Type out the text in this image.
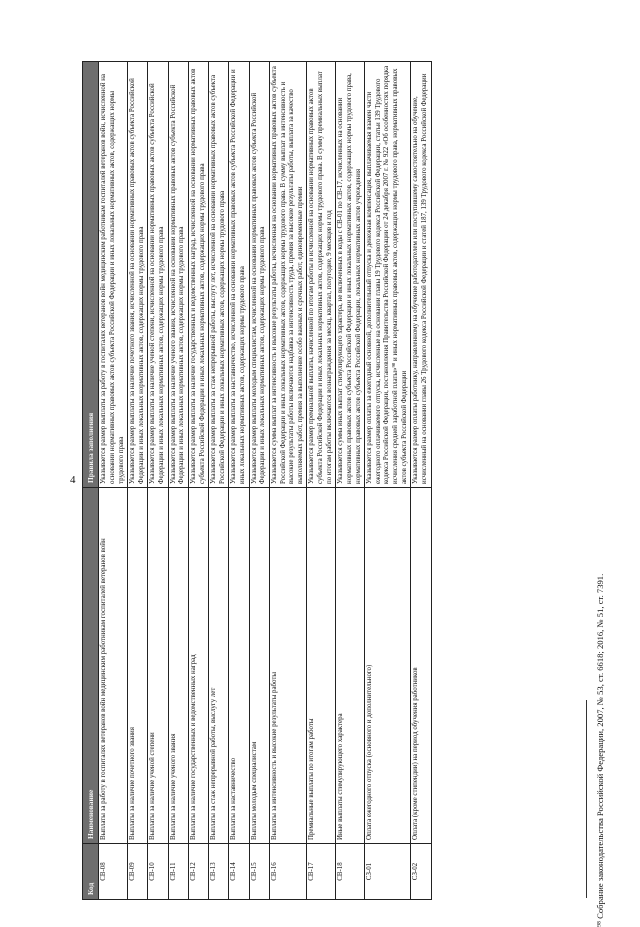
4
Код	Наименование	Правила заполнения
СВ-08	Выплаты за работу в госпиталях ветеранов войн медицинским работникам госпиталей ветеранов войн	Указывается размер выплаты за работу в госпиталях ветеранов войн медицинским работникам госпиталей ветеранов войн, исчисленной на основании нормативных правовых актов субъекта Российской Федерации и иных локальных нормативных актов, содержащих нормы трудового права
СВ-09	Выплаты за наличие почетного звания	Указывается размер выплаты за наличие почетного звания, исчисленной на основании нормативных правовых актов субъекта Российской Федерации и иных локальных нормативных актов, содержащих нормы трудового права
СВ-10	Выплаты за наличие ученой степени	Указывается размер выплаты за наличие ученой степени, исчисленной на основании нормативных правовых актов субъекта Российской Федерации и иных локальных нормативных актов, содержащих нормы трудового права
СВ-11	Выплаты за наличие ученого звания	Указывается размер выплаты за наличие ученого звания, исчисленной на основании нормативных правовых актов субъекта Российской Федерации и иных локальных нормативных актов, содержащих нормы трудового права
СВ-12	Выплаты за наличие государственных и ведомственных наград	Указывается размер выплаты за наличие государственных и ведомственных наград, исчисленной на основании нормативных правовых актов субъекта Российской Федерации и иных локальных нормативных актов, содержащих нормы трудового права
СВ-13	Выплаты за стаж непрерывной работы, выслугу лет	Указывается размер выплаты за стаж непрерывной работы, выслугу лет, исчисленной на основании нормативных правовых актов субъекта Российской Федерации и иных локальных нормативных актов, содержащих нормы трудового права
СВ-14	Выплаты за наставничество	Указывается размер выплаты за наставничество, исчисленной на основании нормативных правовых актов субъекта Российской Федерации и иных локальных нормативных актов, содержащих нормы трудового права
СВ-15	Выплаты молодым специалистам	Указывается размер выплаты молодым специалистам, исчисленной на основании нормативных правовых актов субъекта Российской Федерации и иных локальных нормативных актов, содержащих нормы трудового права
СВ-16	Выплаты за интенсивность и высокие результаты работы	Указывается сумма выплат за интенсивность и высокие результаты работы, исчисленная на основании нормативных правовых актов субъекта Российской Федерации и иных локальных нормативных актов, содержащих нормы трудового права. В сумму выплат за интенсивность и высокие результаты работы включаются надбавка за интенсивность труда, премия за высокие результаты работы, выплата за качество выполняемых работ, премия за выполнение особо важных и срочных работ, единовременные премии
СВ-17	Премиальные выплаты по итогам работы	Указывается размер премиальной выплаты, начисленной по итогам работы и исчисленной на основании нормативных правовых актов субъекта Российской Федерации и иных локальных нормативных актов, содержащих нормы трудового права. В сумму премиальных выплат по итогам работы включаются вознаграждения за месяц, квартал, полугодие, 9 месяцев и год
СВ-18	Иные выплаты стимулирующего характера	Указывается сумма иных выплат стимулирующего характера, не включенных в коды с СВ-01 по СВ-17, исчисленных на основании нормативных правовых актов субъекта Российской Федерации и иных локальных нормативных актов, содержащих нормы трудового права, нормативных правовых актов субъекта Российской Федерации, локальных нормативных актов учреждения
СЗ-01	Оплата ежегодного отпуска (основного и дополнительного)	Указывается размер оплаты за ежегодный основной, дополнительный отпуска и денежная компенсация, выплачиваемая взамен части ежегодного оплачиваемого отпуска, исчисленные на основании главы 19 Трудового кодекса Российской Федерации, статьи 139 Трудового кодекса Российской Федерации, постановления Правительства Российской Федерации от 24 декабря 2007 г. № 922 «Об особенностях порядка исчисления средней заработной платы»⁹⁸ и иных нормативных правовых актов, содержащих нормы трудового права, нормативных правовых актов субъекта Российской Федерации
СЗ-02	Оплата (кроме стипендии) на период обучения работников	Указывается размер оплаты работнику, направленному на обучение работодателем или поступившему самостоятельно на обучение, исчисленный на основании главы 26 Трудового кодекса Российской Федерации и статей 187, 139 Трудового кодекса Российской Федерации
⁹⁸ Собрание законодательства Российской Федерации, 2007, № 53, ст. 6618; 2016, № 51, ст. 7391.
